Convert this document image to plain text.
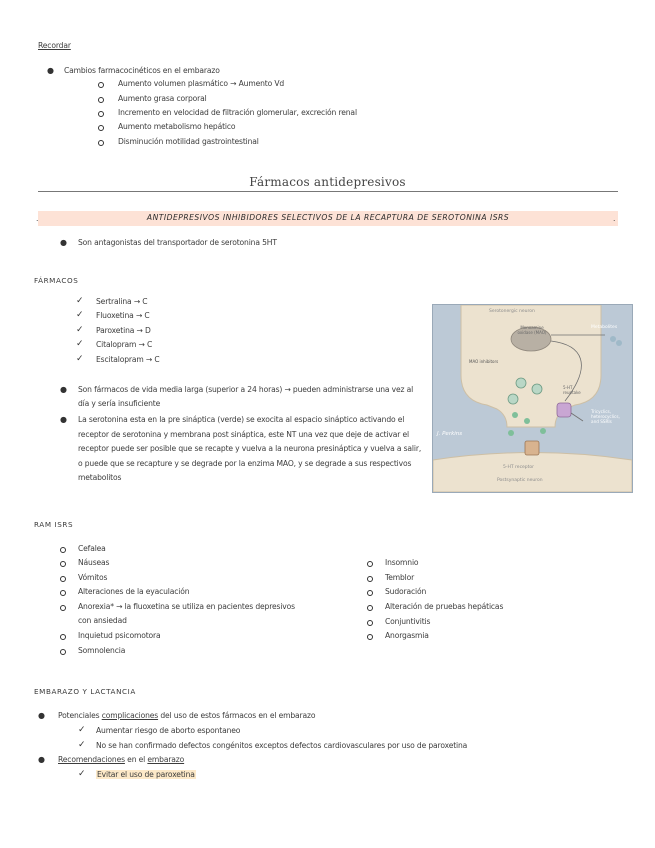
Recordar
● Cambios farmacocinéticos en el embarazo
Aumento volumen plasmático → Aumento Vd
Aumento grasa corporal
Incremento en velocidad de filtración glomerular, excreción renal
Aumento metabolismo hepático
Disminución motilidad gastrointestinal
Fármacos antidepresivos
ANTIDEPRESIVOS INHIBIDORES SELECTIVOS DE LA RECAPTURA DE SEROTONINA ISRS
.	.
● Son antagonistas del transportador de serotonina 5HT
FÁRMACOS
✓ Sertralina → C
✓ Fluoxetina → C
✓ Paroxetina → D
✓ Citalopram → C
✓ Escitalopram → C
● Son fármacos de vida media larga (superior a 24 horas) → pueden administrarse una vez al
día y sería insuficiente
● La serotonina esta en la pre sináptica (verde) se exocita al espacio sináptico activando el
receptor de serotonina y membrana post sináptica, este NT una vez que deje de activar el
receptor puede ser posible que se recapte y vuelva a la neurona presináptica y vuelva a salir,
o puede que se recapture y se degrade por la enzima MAO, y se degrade a sus respectivos
metabolitos
Serotonergic neuron
Monoamine oxidase (MAO)
MAO inhibitors
Metabolites
5-HT reuptake
Tricyclics, heterocyclics, and SSRIs
5-HT receptor
Postsynaptic neuron
J. Perkins
RAM ISRS
Cefalea
Náuseas
Vómitos
Alteraciones de la eyaculación
Anorexia* → la fluoxetina se utiliza en pacientes depresivos
con ansiedad
Inquietud psicomotora
Somnolencia
Insomnio
Temblor
Sudoración
Alteración de pruebas hepáticas
Conjuntivitis
Anorgasmia
EMBARAZO Y LACTANCIA
● Potenciales complicaciones del uso de estos fármacos en el embarazo
✓ Aumentar riesgo de aborto espontaneo
✓ No se han confirmado defectos congénitos exceptos defectos cardiovasculares por uso de paroxetina
● Recomendaciones en el embarazo
✓ Evitar el uso de paroxetina
